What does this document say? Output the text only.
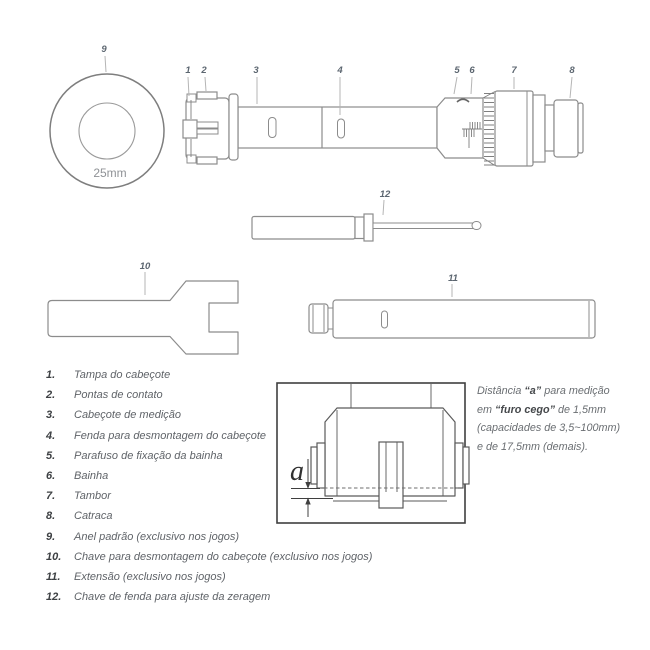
25mm
9
1 2	3	4	5 6	7	8
12
10
11
a
1.	Tampa do cabeçote
2.	Pontas de contato
3.	Cabeçote de medição
4.	Fenda para desmontagem do cabeçote
5.	Parafuso de fixação da bainha
6.	Bainha
7.	Tambor
8.	Catraca
9.	Anel padrão (exclusivo nos jogos)
10.	Chave para desmontagem do cabeçote (exclusivo nos jogos)
11.	Extensão (exclusivo nos jogos)
12.	Chave de fenda para ajuste da zeragem
Distância “a” para medição
em “furo cego” de 1,5mm
(capacidades de 3,5~100mm)
e de 17,5mm (demais).
